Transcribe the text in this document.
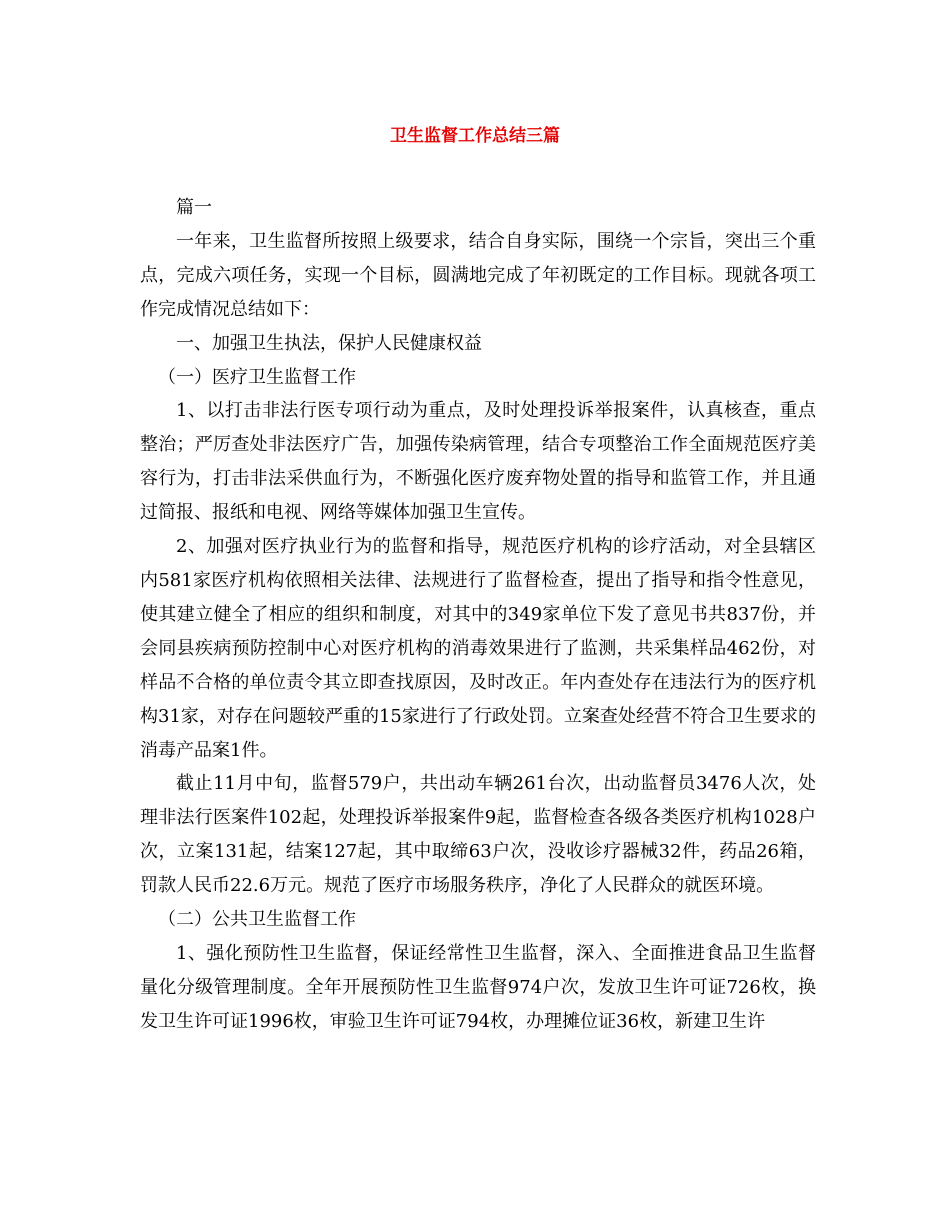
卫生监督工作总结三篇
篇一

一年来，卫生监督所按照上级要求，结合自身实际，围绕一个宗旨，突出三个重点，完成六项任务，实现一个目标，圆满地完成了年初既定的工作目标。现就各项工作完成情况总结如下：

一、加强卫生执法，保护人民健康权益
（一）医疗卫生监督工作

1、以打击非法行医专项行动为重点，及时处理投诉举报案件，认真核查，重点整治；严厉查处非法医疗广告，加强传染病管理，结合专项整治工作全面规范医疗美容行为，打击非法采供血行为，不断强化医疗废弃物处置的指导和监管工作，并且通过简报、报纸和电视、网络等媒体加强卫生宣传。

2、加强对医疗执业行为的监督和指导，规范医疗机构的诊疗活动，对全县辖区内581家医疗机构依照相关法律、法规进行了监督检查，提出了指导和指令性意见，使其建立健全了相应的组织和制度，对其中的349家单位下发了意见书共837份，并会同县疾病预防控制中心对医疗机构的消毒效果进行了监测，共采集样品462份，对样品不合格的单位责令其立即查找原因，及时改正。年内查处存在违法行为的医疗机构31家，对存在问题较严重的15家进行了行政处罚。立案查处经营不符合卫生要求的消毒产品案1件。

截止11月中旬，监督579户，共出动车辆261台次，出动监督员3476人次，处理非法行医案件102起，处理投诉举报案件9起，监督检查各级各类医疗机构1028户次，立案131起，结案127起，其中取缔63户次，没收诊疗器械32件，药品26箱，罚款人民币22.6万元。规范了医疗市场服务秩序，净化了人民群众的就医环境。

（二）公共卫生监督工作

1、强化预防性卫生监督，保证经常性卫生监督，深入、全面推进食品卫生监督量化分级管理制度。全年开展预防性卫生监督974户次，发放卫生许可证726枚，换发卫生许可证1996枚，审验卫生许可证794枚，办理摊位证36枚，新建卫生许
